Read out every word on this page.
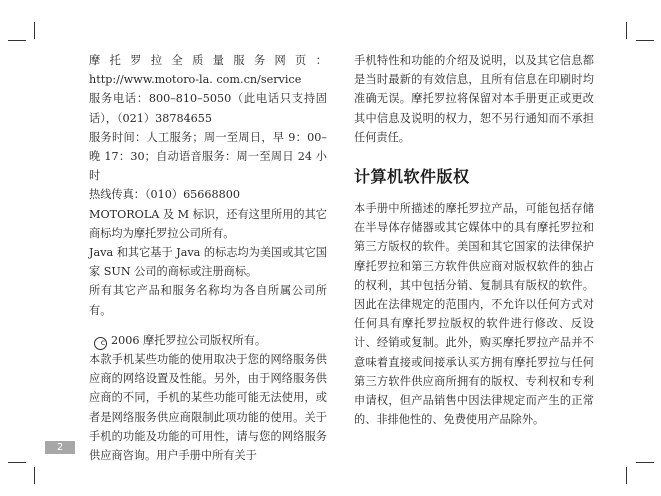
摩托罗拉全质量服务网页：http://www.motoro-la. com.cn/service

服务电话：800–810–5050（此电话只支持固话），（021）38784655

服务时间：人工服务；周一至周日，早 9：00–晚 17：30；自动语音服务：周一至周日 24 小时

热线传真：（010）65668800

MOTOROLA 及 M 标识，还有这里所用的其它商标均为摩托罗拉公司所有。

Java 和其它基于 Java 的标志均为美国或其它国家 SUN 公司的商标或注册商标。

所有其它产品和服务名称均为各自所属公司所有。

c 2006 摩托罗拉公司版权所有。

本款手机某些功能的使用取决于您的网络服务供应商的网络设置及性能。另外，由于网络服务供应商的不同，手机的某些功能可能无法使用，或者是网络服务供应商限制此项功能的使用。关于手机的功能及功能的可用性，请与您的网络服务供应商咨询。用户手册中所有关于

手机特性和功能的介绍及说明，以及其它信息都是当时最新的有效信息，且所有信息在印刷时均准确无误。摩托罗拉将保留对本手册更正或更改其中信息及说明的权力，恕不另行通知而不承担任何责任。

计算机软件版权

本手册中所描述的摩托罗拉产品，可能包括存储在半导体存储器或其它媒体中的具有摩托罗拉和第三方版权的软件。美国和其它国家的法律保护摩托罗拉和第三方软件供应商对版权软件的独占的权利，其中包括分销、复制具有版权的软件。因此在法律规定的范围内，不允许以任何方式对任何具有摩托罗拉版权的软件进行修改、反设计、经销或复制。此外，购买摩托罗拉产品并不意味着直接或间接承认买方拥有摩托罗拉与任何第三方软件供应商所拥有的版权、专利权和专利申请权，但产品销售中因法律规定而产生的正常的、非排他性的、免费使用产品除外。

2
